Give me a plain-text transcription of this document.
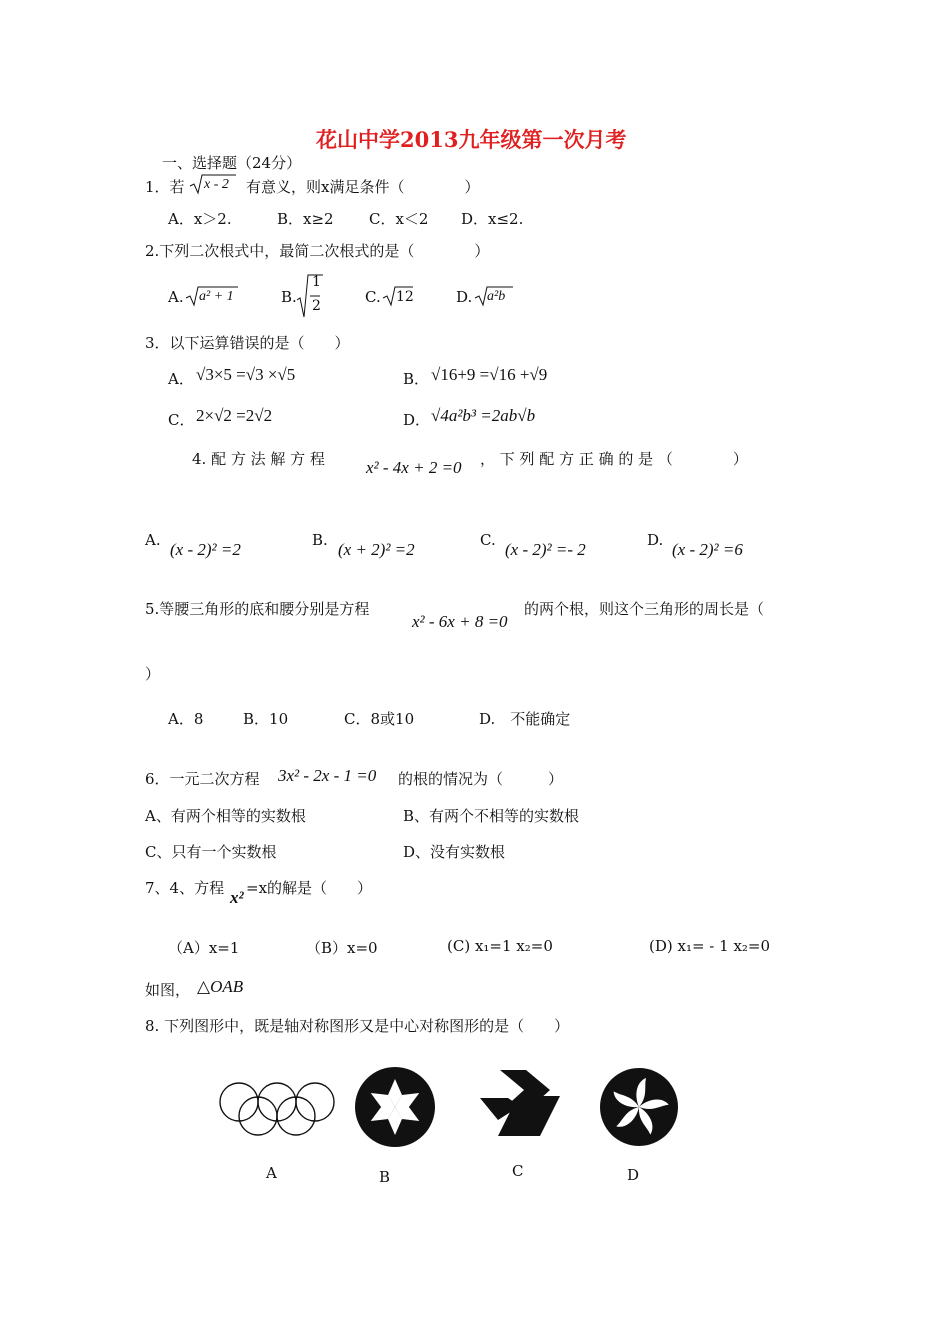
花山中学2013九年级第一次月考
一、选择题（24分）
1．若 x - 2 有意义，则x满足条件（　　　　）
A．x＞2.	B．x≥2 C．x＜2 D．x≤2.
2.下列二次根式中，最简二次根式的是（　　　　）
A. a² + 1	B.
1
2	C. 12	D. a²b
3．以下运算错误的是（　　）
A． √3×5 =√3 ×√5	B． √16+9 =√16 +√9
C． 2×√2 =2√2	D． √4a²b³ =2ab√b
4. 配 方 法 解 方 程 x² - 4x + 2 =0 ， 下 列 配 方 正 确 的 是 （　　　　）
A. (x - 2)² =2	B. (x + 2)² =2	C. (x - 2)² =- 2	D. (x - 2)² =6
5.等腰三角形的底和腰分别是方程
x² - 6x + 8 =0
的两个根，则这个三角形的周长是（
）
A．8	B．10	C．8或10	D.　不能确定
6．一元二次方程 3x² - 2x - 1 =0 的根的情况为（　　　）
A、有两个相等的实数根	B、有两个不相等的实数根
C、只有一个实数根	D、没有实数根
7、4、方程 x² =x的解是（　　）
（A）x=1	（B）x=0	(C) x₁=1 x₂=0	(D) x₁= - 1 x₂=0
如图， △OAB
8. 下列图形中，既是轴对称图形又是中心对称图形的是（　　）
A	B	C	D
